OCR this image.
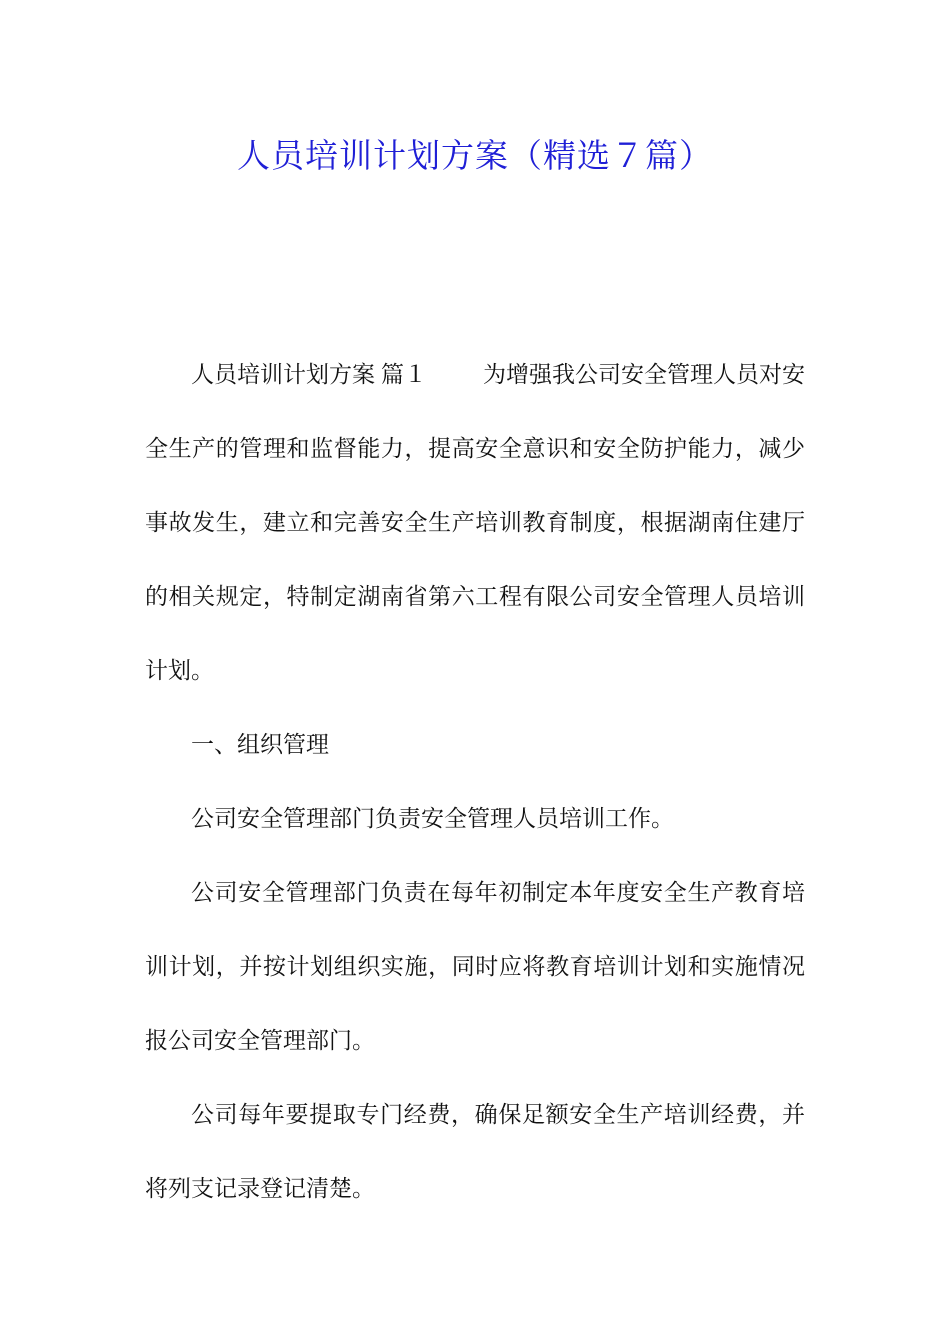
人员培训计划方案（精选７篇）

人员培训计划方案 篇１ 为增强我公司安全管理人员对安全生产的管理和监督能力，提高安全意识和安全防护能力，减少事故发生，建立和完善安全生产培训教育制度，根据湖南住建厅的相关规定，特制定湖南省第六工程有限公司安全管理人员培训计划。

一、组织管理

公司安全管理部门负责安全管理人员培训工作。

公司安全管理部门负责在每年初制定本年度安全生产教育培训计划，并按计划组织实施，同时应将教育培训计划和实施情况报公司安全管理部门。

公司每年要提取专门经费，确保足额安全生产培训经费，并将列支记录登记清楚。
